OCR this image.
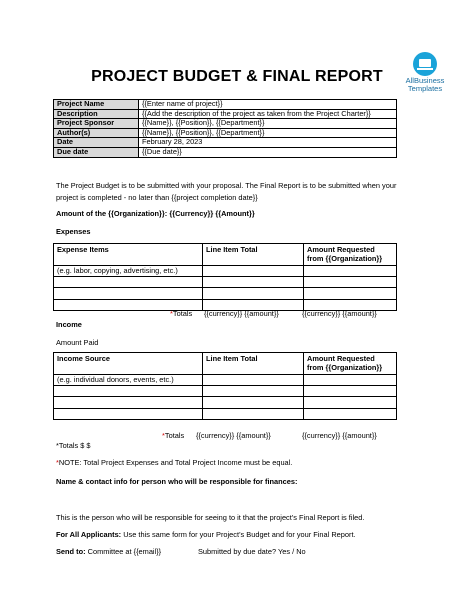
AllBusiness
Templates
PROJECT BUDGET & FINAL REPORT
Project Name	{{Enter name of project}}
Description	{{Add the description of the project as taken from the Project Charter}}
Project Sponsor	{{Name}}, {{Position}}, {{Department}}
Author(s)	{{Name}}, {{Position}}, {{Department}}
Date	February 28, 2023
Due date	{{Due date}}
The Project Budget is to be submitted with your proposal. The Final Report is to be submitted when your
project is completed - no later than {{project completion date}}
Amount of the {{Organization}}: {{Currency}} {{Amount}}
Expenses
Expense Items	Line Item Total	Amount Requested from {{Organization}}
(e.g. labor, copying, advertising, etc.)		

*Totals {{currency}} {{amount}}	{{currency}} {{amount}}
Income
Amount Paid
Income Source	Line Item Total	Amount Requested from {{Organization}}
(e.g. individual donors, events, etc.)		

*Totals {{currency}} {{amount}}	{{currency}} {{amount}}
*Totals $ $
*NOTE: Total Project Expenses and Total Project Income must be equal.
Name & contact info for person who will be responsible for finances:
This is the person who will be responsible for seeing to it that the project’s Final Report is filed.
For All Applicants: Use this same form for your Project’s Budget and for your Final Report.
Send to: Committee at {{email}}	Submitted by due date? Yes / No
